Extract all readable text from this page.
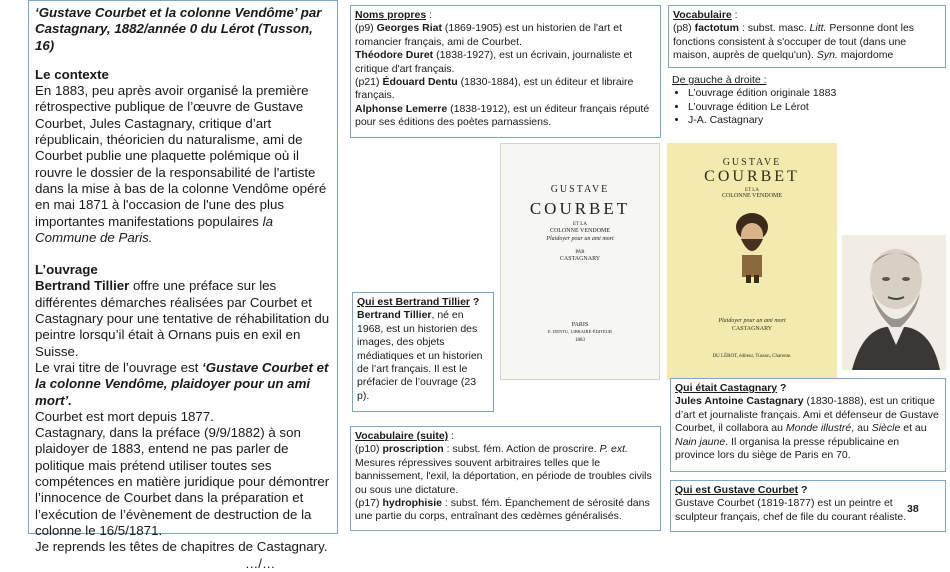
‘Gustave Courbet et la colonne Vendôme’ par Castagnary, 1882/année 0 du Lérot (Tusson, 16)

Le contexte

En 1883, peu après avoir organisé la première rétrospective publique de l’œuvre de Gustave Courbet, Jules Castagnary, critique d’art républicain, théoricien du naturalisme, ami de Courbet publie une plaquette polémique où il rouvre le dossier de la responsabilité de l'artiste dans la mise à bas de la colonne Vendôme opéré en mai 1871 à l'occasion de l'une des plus importantes manifestations populaires la Commune de Paris.

L’ouvrage

Bertrand Tillier offre une préface sur les différentes démarches réalisées par Courbet et Castagnary pour une tentative de réhabilitation du peintre lorsqu’il était à Ornans puis en exil en Suisse.

Le vrai titre de l’ouvrage est ‘Gustave Courbet et la colonne Vendôme, plaidoyer pour un ami mort’.

Courbet est mort depuis 1877.

Castagnary, dans la préface (9/9/1882) à son plaidoyer de 1883, entend ne pas parler de politique mais prétend utiliser toutes ses compétences en matière juridique pour démontrer l’innocence de Courbet dans la préparation et l’exécution de l’évènement de destruction de la colonne le 16/5/1871.

Je reprends les têtes de chapitres de Castagnary.

…/…

Noms propres :

(p9) Georges Riat (1869-1905) est un historien de l'art et romancier français, ami de Courbet.

Théodore Duret (1838-1927), est un écrivain, journaliste et critique d'art français.

(p21) Édouard Dentu (1830-1884), est un éditeur et libraire français.

Alphonse Lemerre (1838-1912), est un éditeur français réputé pour ses éditions des poètes parnassiens.

Vocabulaire :

(p8) factotum : subst. masc. Litt. Personne dont les fonctions consistent à s'occuper de tout (dans une maison, auprès de quelqu'un). Syn. majordome

De gauche à droite :

• L’ouvrage édition originale 1883
• L’ouvrage édition Le Lérot
• J-A. Castagnary
GUSTAVE
COURBET
ET LA
COLONNE VENDOME
Plaidoyer pour un ami mort
PAR
CASTAGNARY
PARIS
E. DENTU, LIBRAIRE-ÉDITEUR
1883
GUSTAVE
COURBET
ET LA
COLONNE VENDOME
Plaidoyer pour un ami mort
CASTAGNARY
DU LÉROT, éditeur, Tusson, Charente.

Qui est Bertrand Tillier ?

Bertrand Tillier, né en 1968, est un historien des images, des objets médiatiques et un historien de l’art français. Il est le préfacier de l’ouvrage (23 p).

Vocabulaire (suite) :

(p10) proscription : subst. fém. Action de proscrire. P. ext. Mesures répressives souvent arbitraires telles que le bannissement, l'exil, la déportation, en période de troubles civils ou sous une dictature.

(p17) hydrophisie : subst. fém. Épanchement de sérosité dans une partie du corps, entraînant des œdèmes généralisés.

Qui était Castagnary ?

Jules Antoine Castagnary (1830-1888), est un critique d’art et journaliste français. Ami et défenseur de Gustave Courbet, il collabora au Monde illustré, au Siècle et au Nain jaune. Il organisa la presse républicaine en province lors du siège de Paris en 70.

Qui est Gustave Courbet ?

Gustave Courbet (1819-1877) est un peintre et sculpteur français, chef de file du courant réaliste.

38
